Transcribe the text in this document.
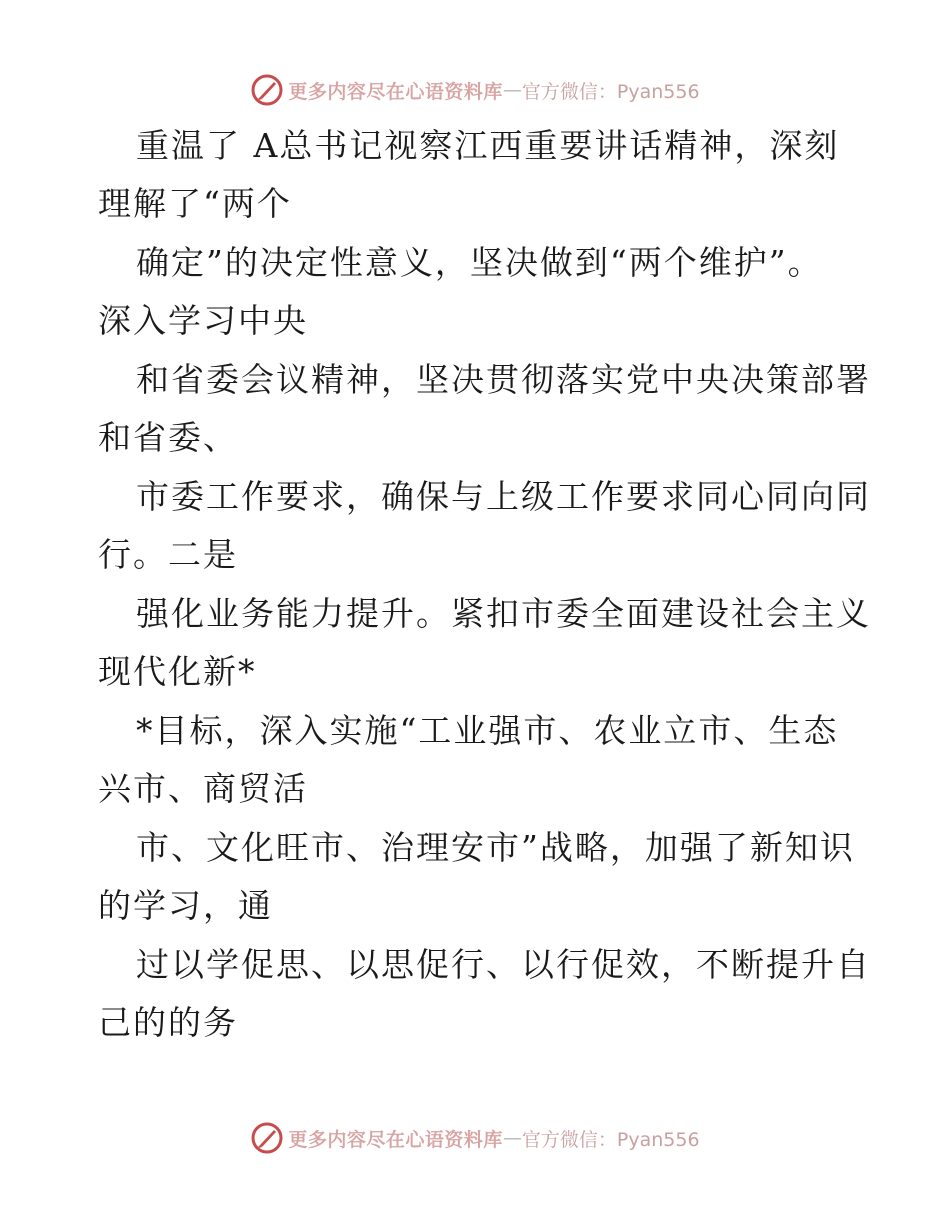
更多内容尽在心语资料库 — 官方微信：Pyan556
重温了 A总书记视察江西重要讲话精神，深刻
理解了“两个
确定”的决定性意义，坚决做到“两个维护”。
深入学习中央
和省委会议精神，坚决贯彻落实党中央决策部署
和省委、
市委工作要求，确保与上级工作要求同心同向同
行。二是
强化业务能力提升。紧扣市委全面建设社会主义
现代化新*
*目标，深入实施“工业强市、农业立市、生态
兴市、商贸活
市、文化旺市、治理安市”战略，加强了新知识
的学习，通
过以学促思、以思促行、以行促效，不断提升自
己的的务
更多内容尽在心语资料库 — 官方微信：Pyan556
